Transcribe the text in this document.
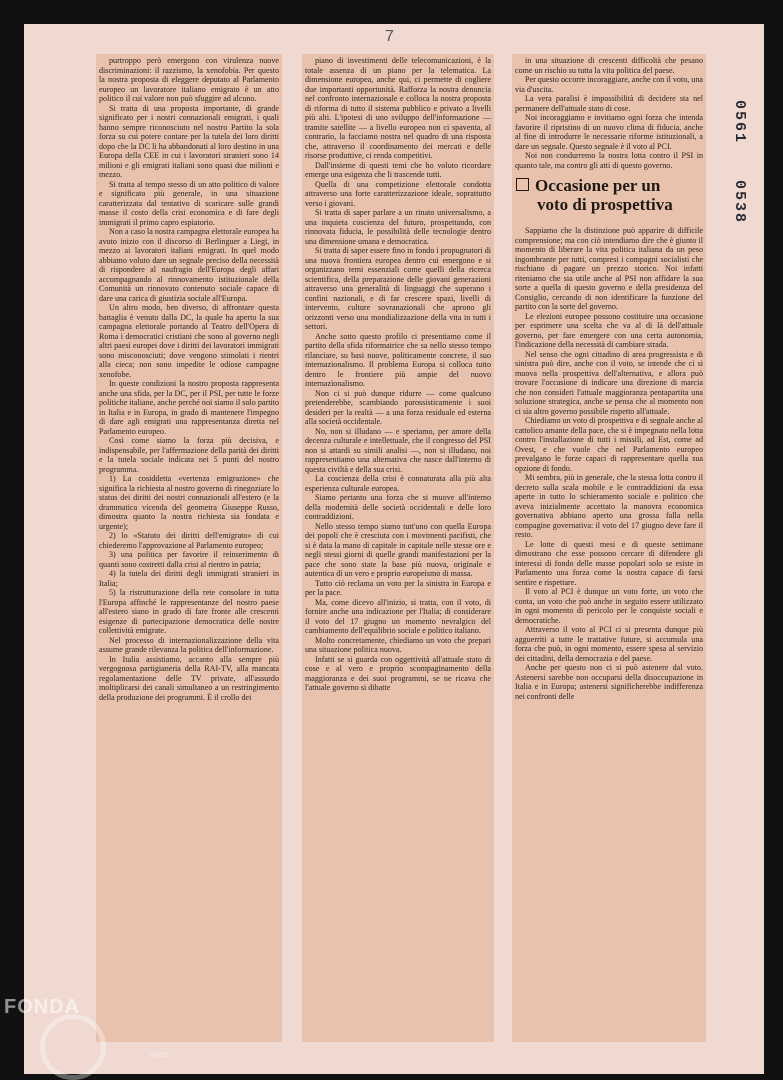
7

purtroppo però emergono con virulenza nuove discriminazioni: il razzismo, la xenofobia. Per questo la nostra proposta di eleggere deputato al Parlamento europeo un lavoratore italiano emigrato è un atto politico il cui valore non può sfuggire ad alcuno.

Si tratta di una proposta importante, di grande significato per i nostri connazionali emigrati, i quali hanno sempre riconosciuto nel nostro Partito la sola forza su cui potere contare per la tutela dei loro diritti dopo che la DC li ha abbandonati al loro destino in una Europa della CEE in cui i lavoratori stranieri sono 14 milioni e gli emigrati italiani sono quasi due milioni e mezzo.

Si tratta al tempo stesso di un atto politico di valore e significato più generale, in una situazione caratterizzata dal tentativo di scaricare sulle grandi masse il costo della crisi economica e di fare degli immigrati il primo capro espiatorio.

Non a caso la nostra campagna elettorale europea ha avuto inizio con il discorso di Berlinguer a Liegi, in mezzo ai lavoratori italiani emigrati. In quel modo abbiamo voluto dare un segnale preciso della necessità di rispondere al naufragio dell'Europa degli affari accompagnando al rinnovamento istituzionale della Comunità un rinnovato contenuto sociale capace di dare una carica di giustizia sociale all'Europa.

Un altro modo, ben diverso, di affrontare questa battaglia è venuto dalla DC, la quale ha aperto la sua campagna elettorale portando al Teatro dell'Opera di Roma i democratici cristiani che sono al governo negli altri paesi europei dove i diritti dei lavoratori immigrati sono misconosciuti; dove vengono stimolati i rientri alla cieca; non sono impedite le odiose campagne xenofobe.

In queste condizioni la nostro proposta rappresenta anche una sfida, per la DC, per il PSI, per tutte le forze politiche italiane, anche perché noi siamo il solo partito in Italia e in Europa, in grado di mantenere l'impegno di dare agli emigrati una rappresentanza diretta nel Parlamento europeo.

Così come siamo la forza più decisiva, e indispensabile, per l'affermazione della parità dei diritti e la tutela sociale indicata nei 5 punti del nostro programma.

1) La cosiddetta «vertenza emigrazione» che significa la richiesta al nostro governo di rinegoziare lo status dei diritti dei nostri connazionali all'estero (e la drammatica vicenda del geometra Giuseppe Russo, dimostra quanto la nostra richiesta sia fondata e urgente);

2) lo «Statuto dei diritti dell'emigrato» di cui chiederemo l'approvazione al Parlamento europeo;

3) una politica per favorire il reinserimento di quanti sono costretti dalla crisi al rientro in patria;

4) la tutela dei diritti degli immigrati stranieri in Italia;

5) la ristrutturazione della rete consolare in tutta l'Europa affinché le rappresentanze del nostro paese all'estero siano in grado di fare fronte alle crescenti esigenze di partecipazione democratica delle nostre collettività emigrate.

Nel processo di internazionalizzazione della vita assume grande rilevanza la politica dell'informazione.

In Italia assistiamo, accanto alla sempre più vergognosa partigianeria della RAI-TV, alla mancata regolamentazione delle TV private, all'assurdo moltiplicarsi dei canali simultaneo a un restringimento della produzione dei programmi. È il crollo dei

piano di investimenti delle telecomunicazioni, è la totale assenza di un piano per la telematica. La dimensione europea, anche qui, ci permette di cogliere due importanti opportunità. Rafforza la nostra denuncia nel confronto internazionale e colloca la nostra proposta di riforma di tutto il sistema pubblico e privato a livelli più alti. L'ipotesi di uno sviluppo dell'informazione — tramite satellite — a livello europeo non ci spaventa, al contrario, la facciamo nostra nel quadro di una risposta che, attraverso il coordinamento dei mercati e delle risorse produttive, ci renda competitivi.

Dall'insieme di questi temi che ho voluto ricordare emerge una esigenza che li trascende tutti.

Quella di una competizione elettorale condotta attraverso una forte caratterizzazione ideale, soprattutto verso i giovani.

Si tratta di saper parlare a un rinato universalismo, a una inquieta coscienza del futuro, prospettando, con rinnovata fiducia, le possibilità delle tecnologie dentro una dimensione umana e democratica.

Si tratta di saper essere fino in fondo i propugnatori di una nuova frontiera europea dentro cui emergono e si organizzano temi essenziali come quelli della ricerca scientifica, della preparazione delle giovani generazioni attraverso una generalità di linguaggi che superano i confini nazionali, e di far crescere spazi, livelli di intervento, culture sovranazionali che aprono gli orizzonti verso una mondializzazione della vita in tutti i settori.

Anche sotto questo profilo ci presentiamo come il partito della sfida riformatrice che sa nello stesso tempo rilanciare, su basi nuove, politicamente concrete, il suo internazionalismo. Il problema Europa si colloca tutto dentro le frontiere più ampie del nuovo internazionalismo.

Non ci si può dunque ridurre — come qualcuno pretenderebbe, scambiando parossisticamente i suoi desideri per la realtà — a una forza residuale ed esterna alla società occidentale.

No, non si illudano — e speriamo, per amore della decenza culturale e intellettuale, che il congresso del PSI non si attardi su simili analisi —, non si illudano, noi rappresentiamo una alternativa che nasce dall'interno di questa civiltà e della sua crisi.

La coscienza della crisi è connaturata alla più alta esperienza culturale europea.

Siamo pertanto una forza che si muove all'interno della modernità delle società occidentali e delle loro contraddizioni.

Nello stesso tempo siamo tutt'uno con quella Europa dei popoli che è cresciuta con i movimenti pacifisti, che si è data la mano di capitale in capitale nelle stesse ore e negli stessi giorni di quelle grandi manifestazioni per la pace che sono state la base più nuova, originale e autentica di un vero e proprio europeismo di massa.

Tutto ciò reclama un voto per la sinistra in Europa e per la pace.

Ma, come dicevo all'inizio, si tratta, con il voto, di fornire anche una indicazione per l'Italia; di considerare il voto del 17 giugno un momento nevralgico del cambiamento dell'equilibrio sociale e politico italiano.

Molto concretamente, chiediamo un voto che prepari una situazione politica nuova.

Infatti se si guarda con oggettività all'attuale stato di cose e al vero e proprio scompaginamento della maggioranza e dei suoi programmi, se ne ricava che l'attuale governo si dibatte

in una situazione di crescenti difficoltà che pesano come un rischio su tutta la vita politica del paese.

Per questo occorre incoraggiare, anche con il voto, una via d'uscita.

La vera paralisi è impossibilità di decidere sta nel permanere dell'attuale stato di cose.

Noi incoraggiamo e invitiamo ogni forza che intenda favorire il ripristino di un nuovo clima di fiducia, anche al fine di introdurre le necessarie riforme istituzionali, a dare un segnale. Questo segnale è il voto al PCI.

Noi non condurremo la nostra lotta contro il PSI in quanto tale, ma contro gli atti di questo governo.

Occasione per un
voto di prospettiva

Sappiamo che la distinzione può apparire di difficile comprensione; ma con ciò intendiamo dire che è giunto il momento di liberare la vita politica italiana da un peso ingombrante per tutti, compresi i compagni socialisti che rischiano di pagare un prezzo storico. Noi infatti riteniamo che sia utile anche al PSI non affidare la sua sorte a quella di questo governo e della presidenza del Consiglio, cercando di non identificare la funzione del partito con la sorte del governo.

Le elezioni europee possono costituire una occasione per esprimere una scelta che va al di là dell'attuale governo, per fare emergere con una certa autonomia, l'indicazione della necessità di cambiare strada.

Nel senso che ogni cittadino di area progressista e di sinistra può dire, anche con il voto, se intende che ci si muova nella prospettiva dell'alternativa, e allora può trovare l'occasione di indicare una direzione di marcia che non consideri l'attuale maggioranza pentapartita una soluzione strategica, anche se pensa che al momento non ci sia altro governo possibile rispetto all'attuale.

Chiediamo un voto di prospettiva e di segnale anche al cattolico amante della pace, che si è impegnato nella lotta contro l'installazione di tutti i missili, ad Est, come ad Ovest, e che vuole che nel Parlamento europeo prevalgano le forze capaci di rappresentare quella sua opzione di fondo.

Mi sembra, più in generale, che la stessa lotta contro il decreto sulla scala mobile e le contraddizioni da essa aperte in tutto lo schieramento sociale e politico che aveva inizialmente accettato la manovra economica governativa abbiano aperto una grossa falla nella compagine governativa: il voto del 17 giugno deve fare il resto.

Le lotte di questi mesi e di queste settimane dimostrano che esse possono cercare di difendere gli interessi di fondo delle masse popolari solo se esiste in Parlamento una forza come la nostra capace di farsi sentire e rispettare.

Il voto al PCI è dunque un voto forte, un voto che conta, un voto che può anche in seguito essere utilizzato in ogni momento di pericolo per le conquiste sociali e democratiche.

Attraverso il voto al PCI ci si presenta dunque più agguerriti a tutte le trattative future, si accumula una forza che può, in ogni momento, essere spesa al servizio dei cittadini, della democrazia e del paese.

Anche per questo non ci si può astenere dal voto. Astenersi sarebbe non occuparsi della disoccupazione in Italia e in Europa; astenersi significherebbe indifferenza nei confronti delle

0561
0538
FONDA
mitos
